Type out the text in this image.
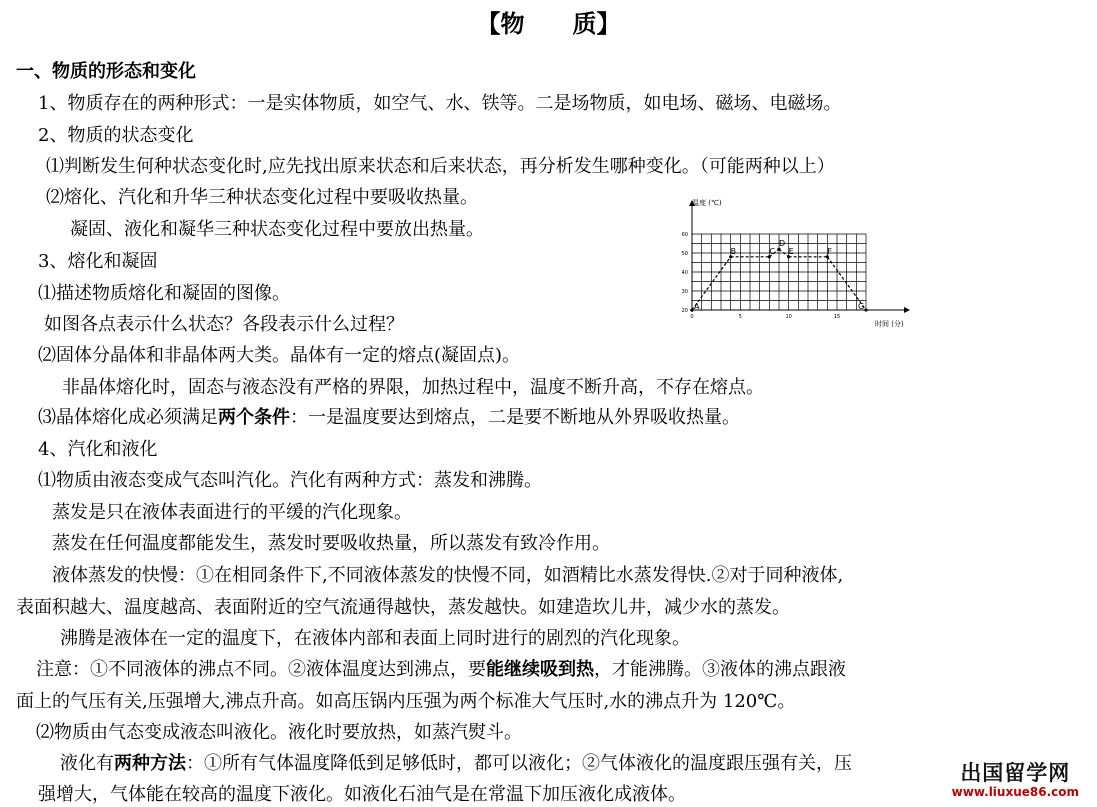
【物　　质】
一、物质的形态和变化
1、物质存在的两种形式：一是实体物质，如空气、水、铁等。二是场物质，如电场、磁场、电磁场。
2、物质的状态变化
⑴判断发生何种状态变化时,应先找出原来状态和后来状态，再分析发生哪种变化。（可能两种以上）
⑵熔化、汽化和升华三种状态变化过程中要吸收热量。
凝固、液化和凝华三种状态变化过程中要放出热量。
3、熔化和凝固
⑴描述物质熔化和凝固的图像。
如图各点表示什么状态？各段表示什么过程？
⑵固体分晶体和非晶体两大类。晶体有一定的熔点(凝固点)。
非晶体熔化时，固态与液态没有严格的界限，加热过程中，温度不断升高，不存在熔点。
⑶晶体熔化成必须满足两个条件：一是温度要达到熔点，二是要不断地从外界吸收热量。
4、汽化和液化
⑴物质由液态变成气态叫汽化。汽化有两种方式：蒸发和沸腾。
蒸发是只在液体表面进行的平缓的汽化现象。
蒸发在任何温度都能发生，蒸发时要吸收热量，所以蒸发有致冷作用。
液体蒸发的快慢：①在相同条件下,不同液体蒸发的快慢不同，如酒精比水蒸发得快.②对于同种液体,
表面积越大、温度越高、表面附近的空气流通得越快，蒸发越快。如建造坎儿井，减少水的蒸发。
沸腾是液体在一定的温度下，在液体内部和表面上同时进行的剧烈的汽化现象。
注意：①不同液体的沸点不同。②液体温度达到沸点，要能继续吸到热，才能沸腾。③液体的沸点跟液
面上的气压有关,压强增大,沸点升高。如高压锅内压强为两个标准大气压时,水的沸点升为 120℃。
⑵物质由气态变成液态叫液化。液化时要放热，如蒸汽熨斗。
液化有两种方法：①所有气体温度降低到足够低时，都可以液化；②气体液化的温度跟压强有关，压
强增大，气体能在较高的温度下液化。如液化石油气是在常温下加压液化成液体。
20
30
40
50
60
0	5	10	15
A
B	C
D
E	F
G
温度 (℃)
时间 (分)
出国留学网
www.liuxue86.com
